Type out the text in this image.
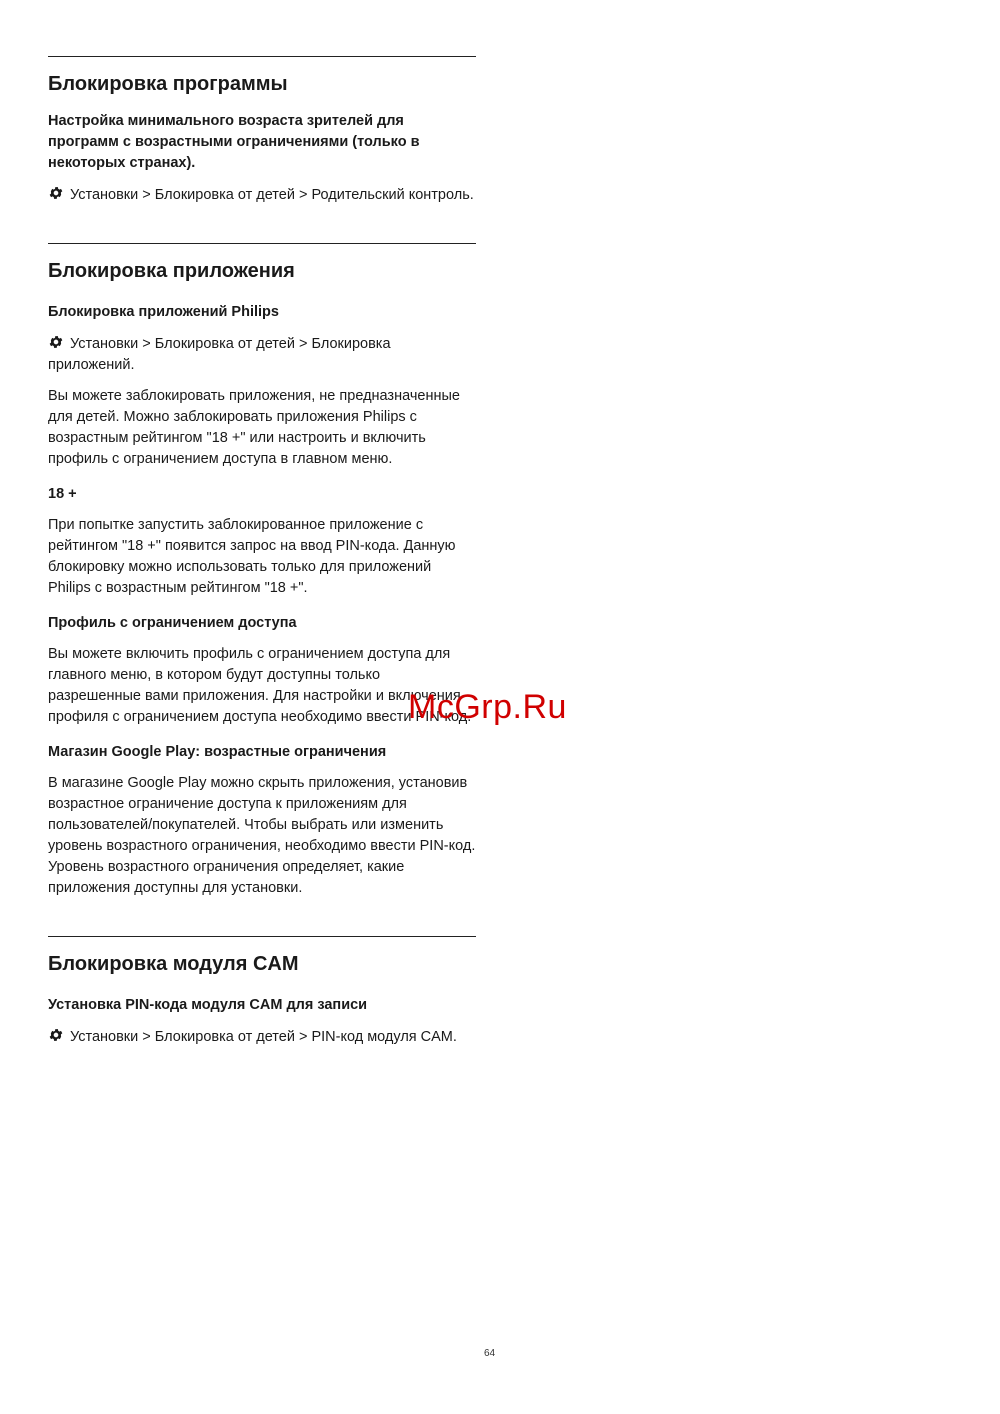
Блокировка программы
Настройка минимального возраста зрителей для программ с возрастными ограничениями (только в некоторых странах).
Установки > Блокировка от детей > Родительский контроль.
Блокировка приложения
Блокировка приложений Philips
Установки > Блокировка от детей > Блокировка приложений.
Вы можете заблокировать приложения, не предназначенные для детей. Можно заблокировать приложения Philips с возрастным рейтингом "18 +" или настроить и включить профиль с ограничением доступа в главном меню.
18 +
При попытке запустить заблокированное приложение с рейтингом "18 +" появится запрос на ввод PIN-кода. Данную блокировку можно использовать только для приложений Philips с возрастным рейтингом "18 +".
Профиль с ограничением доступа
Вы можете включить профиль с ограничением доступа для главного меню, в котором будут доступны только разрешенные вами приложения. Для настройки и включения профиля с ограничением доступа необходимо ввести PIN-код.
Магазин Google Play: возрастные ограничения
В магазине Google Play можно скрыть приложения, установив возрастное ограничение доступа к приложениям для пользователей/покупателей. Чтобы выбрать или изменить уровень возрастного ограничения, необходимо ввести PIN-код. Уровень возрастного ограничения определяет, какие приложения доступны для установки.
Блокировка модуля CAM
Установка PIN-кода модуля CAM для записи
Установки > Блокировка от детей > PIN-код модуля CAM.
McGrp.Ru
64
